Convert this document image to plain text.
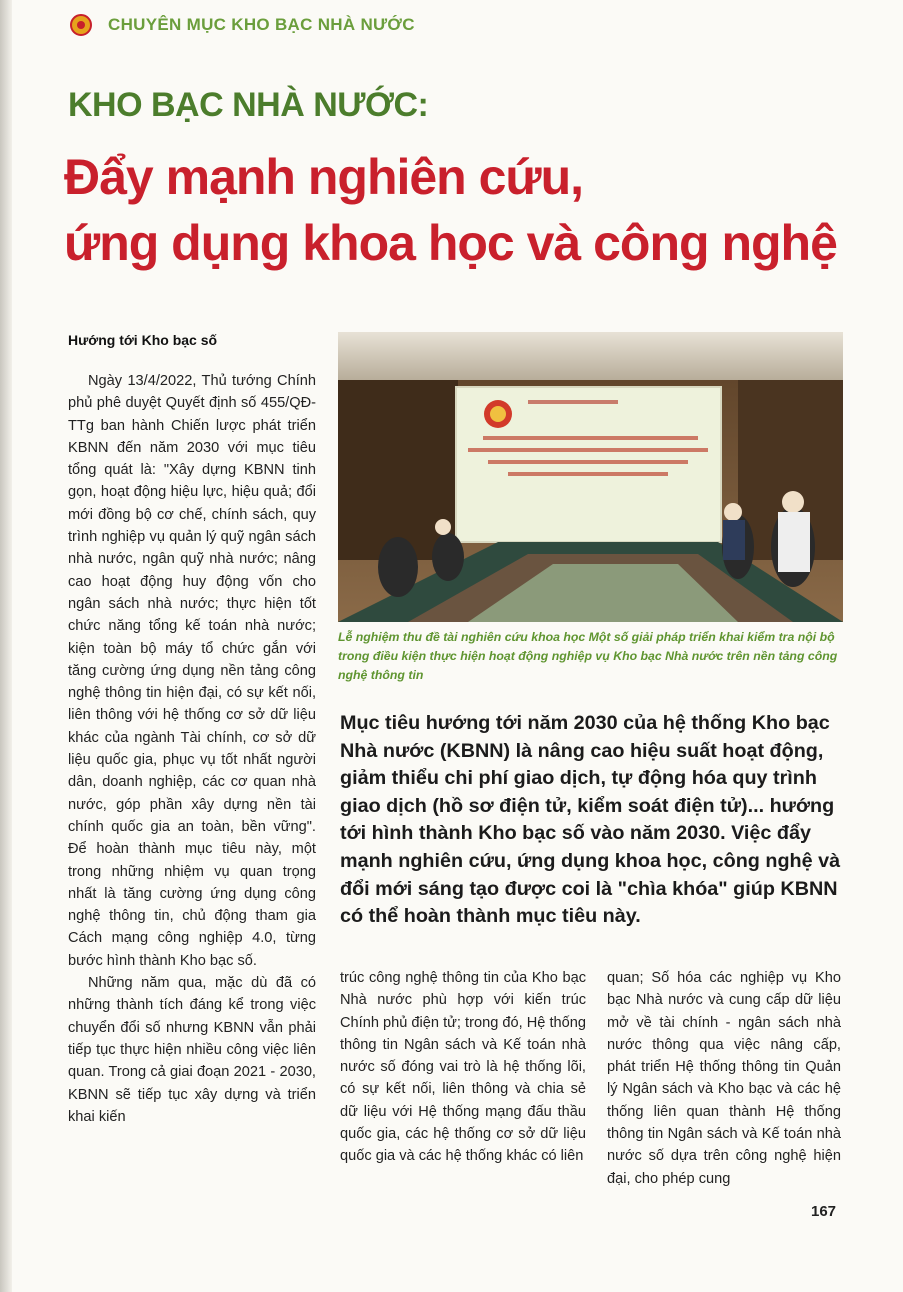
CHUYÊN MỤC KHO BẠC NHÀ NƯỚC
KHO BẠC NHÀ NƯỚC:
Đẩy mạnh nghiên cứu,
ứng dụng khoa học và công nghệ
Hướng tới Kho bạc số

Ngày 13/4/2022, Thủ tướng Chính phủ phê duyệt Quyết định số 455/QĐ-TTg ban hành Chiến lược phát triển KBNN đến năm 2030 với mục tiêu tổng quát là: "Xây dựng KBNN tinh gọn, hoạt động hiệu lực, hiệu quả; đổi mới đồng bộ cơ chế, chính sách, quy trình nghiệp vụ quản lý quỹ ngân sách nhà nước, ngân quỹ nhà nước; nâng cao hoạt động huy động vốn cho ngân sách nhà nước; thực hiện tốt chức năng tổng kế toán nhà nước; kiện toàn bộ máy tổ chức gắn với tăng cường ứng dụng nền tảng công nghệ thông tin hiện đại, có sự kết nối, liên thông với hệ thống cơ sở dữ liệu khác của ngành Tài chính, cơ sở dữ liệu quốc gia, phục vụ tốt nhất người dân, doanh nghiệp, các cơ quan nhà nước, góp phần xây dựng nền tài chính quốc gia an toàn, bền vững". Để hoàn thành mục tiêu này, một trong những nhiệm vụ quan trọng nhất là tăng cường ứng dụng công nghệ thông tin, chủ động tham gia Cách mạng công nghiệp 4.0, từng bước hình thành Kho bạc số.

Những năm qua, mặc dù đã có những thành tích đáng kể trong việc chuyển đổi số nhưng KBNN vẫn phải tiếp tục thực hiện nhiều công việc liên quan. Trong cả giai đoạn 2021 - 2030, KBNN sẽ tiếp tục xây dựng và triển khai kiến

Lễ nghiệm thu đề tài nghiên cứu khoa học Một số giải pháp triển khai kiểm tra nội bộ trong điều kiện thực hiện hoạt động nghiệp vụ Kho bạc Nhà nước trên nền tảng công nghệ thông tin
Mục tiêu hướng tới năm 2030 của hệ thống Kho bạc Nhà nước (KBNN) là nâng cao hiệu suất hoạt động, giảm thiểu chi phí giao dịch, tự động hóa quy trình giao dịch (hồ sơ điện tử, kiểm soát điện tử)... hướng tới hình thành Kho bạc số vào năm 2030. Việc đẩy mạnh nghiên cứu, ứng dụng khoa học, công nghệ và đổi mới sáng tạo được coi là "chìa khóa" giúp KBNN có thể hoàn thành mục tiêu này.

trúc công nghệ thông tin của Kho bạc Nhà nước phù hợp với kiến trúc Chính phủ điện tử; trong đó, Hệ thống thông tin Ngân sách và Kế toán nhà nước số đóng vai trò là hệ thống lõi, có sự kết nối, liên thông và chia sẻ dữ liệu với Hệ thống mạng đấu thầu quốc gia, các hệ thống cơ sở dữ liệu quốc gia và các hệ thống khác có liên

quan; Số hóa các nghiệp vụ Kho bạc Nhà nước và cung cấp dữ liệu mở về tài chính - ngân sách nhà nước thông qua việc nâng cấp, phát triển Hệ thống thông tin Quản lý Ngân sách và Kho bạc và các hệ thống liên quan thành Hệ thống thông tin Ngân sách và Kế toán nhà nước số dựa trên công nghệ hiện đại, cho phép cung

167
